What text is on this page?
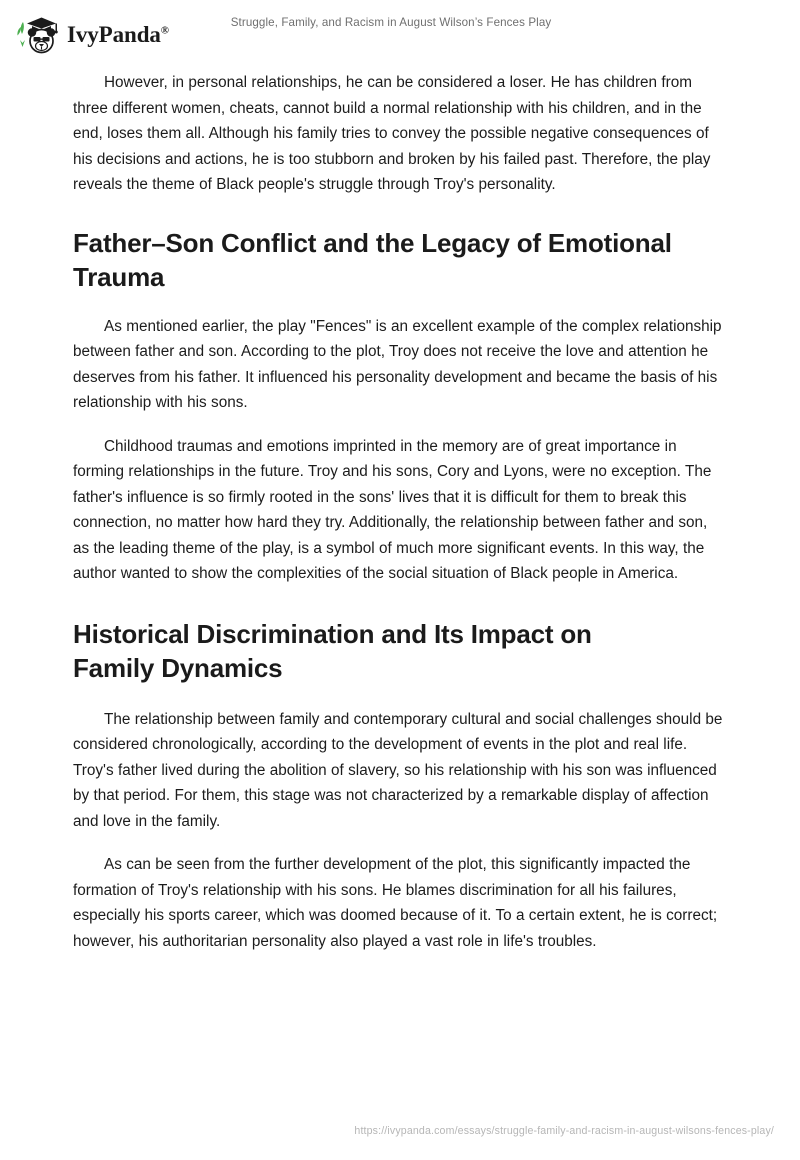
IvyPanda®
Struggle, Family, and Racism in August Wilson’s Fences Play

However, in personal relationships, he can be considered a loser. He has children from three different women, cheats, cannot build a normal relationship with his children, and in the end, loses them all. Although his family tries to convey the possible negative consequences of his decisions and actions, he is too stubborn and broken by his failed past. Therefore, the play reveals the theme of Black people's struggle through Troy's personality.

Father–Son Conflict and the Legacy of Emotional Trauma

As mentioned earlier, the play "Fences" is an excellent example of the complex relationship between father and son. According to the plot, Troy does not receive the love and attention he deserves from his father. It influenced his personality development and became the basis of his relationship with his sons.

Childhood traumas and emotions imprinted in the memory are of great importance in forming relationships in the future. Troy and his sons, Cory and Lyons, were no exception. The father's influence is so firmly rooted in the sons' lives that it is difficult for them to break this connection, no matter how hard they try. Additionally, the relationship between father and son, as the leading theme of the play, is a symbol of much more significant events. In this way, the author wanted to show the complexities of the social situation of Black people in America.

Historical Discrimination and Its Impact on Family Dynamics

The relationship between family and contemporary cultural and social challenges should be considered chronologically, according to the development of events in the plot and real life. Troy's father lived during the abolition of slavery, so his relationship with his son was influenced by that period. For them, this stage was not characterized by a remarkable display of affection and love in the family.

As can be seen from the further development of the plot, this significantly impacted the formation of Troy's relationship with his sons. He blames discrimination for all his failures, especially his sports career, which was doomed because of it. To a certain extent, he is correct; however, his authoritarian personality also played a vast role in life's troubles.

https://ivypanda.com/essays/struggle-family-and-racism-in-august-wilsons-fences-play/
